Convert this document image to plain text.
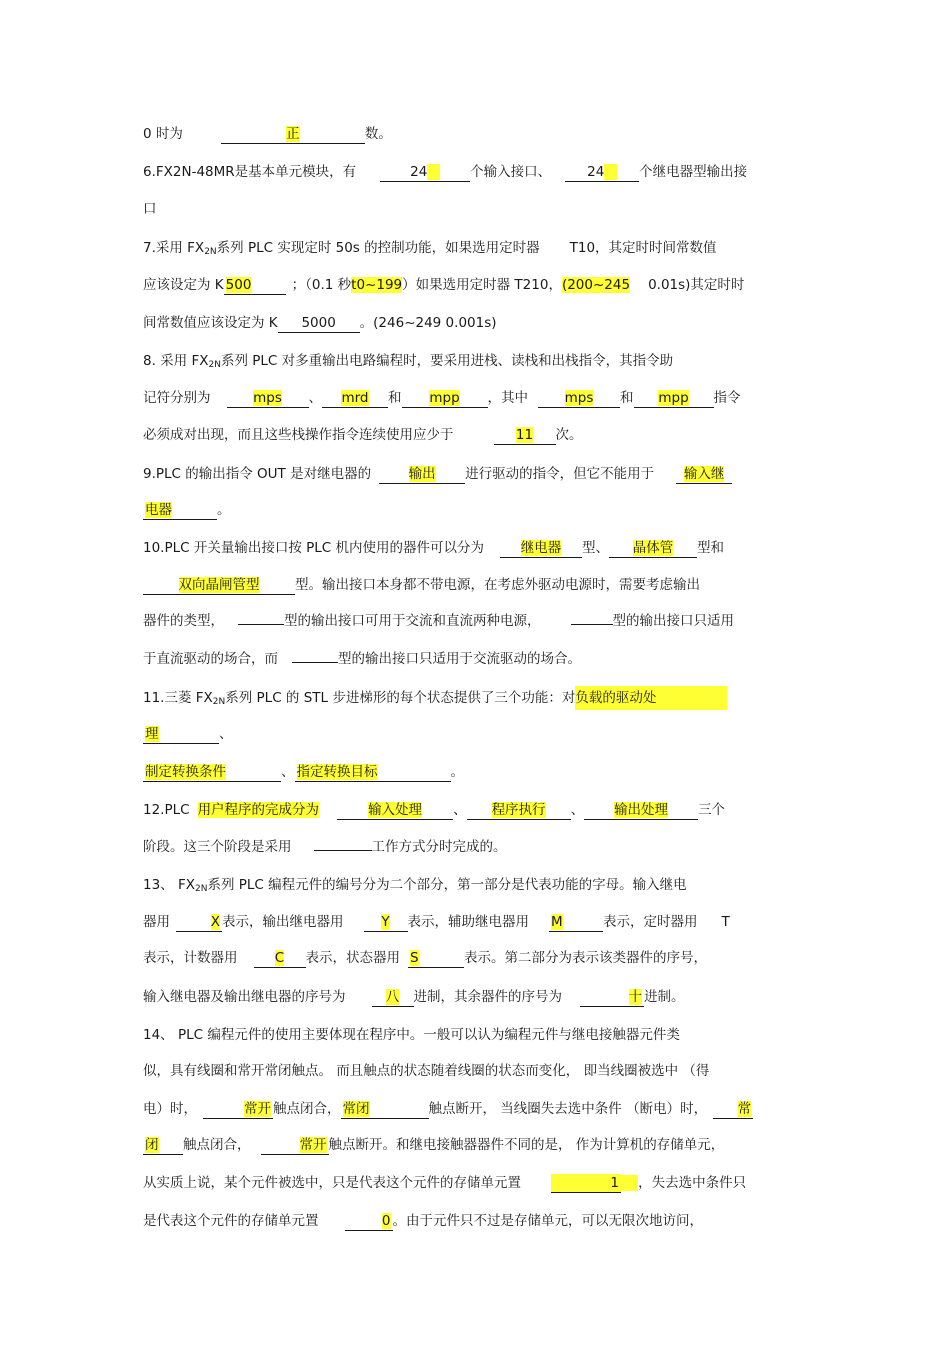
0 时为	正	数。
6.FX2N-48MR是基本单元模块，有	24	个输入接口、	24	个继电器型输出接
口
7.采用 $FX_{2N}$系列 PLC 实现定时 50s 的控制功能，如果选用定时器 T10，其定时时间常数值
应该设定为 K 500	；（0.1 秒t0~199）如果选用定时器 T210，(200~245 0.01s)其定时时
间常数值应该设定为 K 5000 。(246~249 0.001s)
8. 采用 $FX_{2N}$系列 PLC 对多重输出电路编程时，要采用进栈、读栈和出栈指令，其指令助
记符分别为	mps 、 mrd 和 mpp ，其中	mps 和 mpp 指令
必须成对出现，而且这些栈操作指令连续使用应少于	11 次。
9.PLC 的输出指令 OUT 是对继电器的	输出 进行驱动的指令，但它不能用于 输入继
电器	。
10.PLC 开关量输出接口按 PLC 机内使用的器件可以分为	继电器 型、 晶体管 型和
双向晶闸管型	型。输出接口本身都不带电源，在考虑外驱动电源时，需要考虑输出
器件的类型，	型的输出接口可用于交流和直流两种电源，	型的输出接口只适用
于直流驱动的场合，而	型的输出接口只适用于交流驱动的场合。
11.三菱 $FX_{2N}$系列 PLC 的 STL 步进梯形的每个状态提供了三个功能：对负载的驱动处
理	、
制定转换条件	、 指定转换目标	。
12.PLC 用户程序的完成分为	输入处理 、 程序执行 、 输出处理 三个
阶段。这三个阶段是采用	工作方式分时完成的。
13、 $FX_{2N}$系列 PLC 编程元件的编号分为二个部分，第一部分是代表功能的字母。输入继电
器用	X 表示，输出继电器用	Y 表示，辅助继电器用 M	表示，定时器用 T
表示，计数器用	C 表示，状态器用 S	表示。第二部分为表示该类器件的序号，
输入继电器及输出继电器的序号为	八 进制，其余器件的序号为	十 进制。
14、 PLC 编程元件的使用主要体现在程序中。一般可以认为编程元件与继电接触器元件类
似，具有线圈和常开常闭触点。 而且触点的状态随着线圈的状态而变化， 即当线圈被选中 （得
电）时，	常开 触点闭合， 常闭	触点断开， 当线圈失去选中条件 （断电）时， 常
闭 触点闭合，	常开 触点断开。和继电接触器器件不同的是， 作为计算机的存储单元，
从实质上说，某个元件被选中，只是代表这个元件的存储单元置	1 ，失去选中条件只
是代表这个元件的存储单元置	0 。由于元件只不过是存储单元，可以无限次地访问，
